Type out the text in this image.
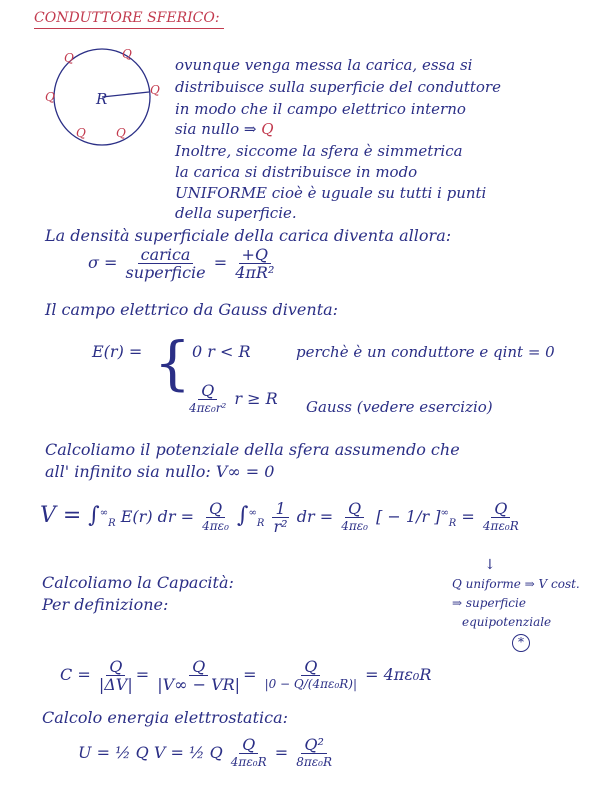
CONDUTTORE SFERICO:
R
Q	Q
Q	Q
Q	Q
ovunque venga messa la carica, essa si
distribuisce sulla superficie del conduttore
in modo che il campo elettrico interno
sia nullo ⇒ Q
Inoltre, siccome la sfera è simmetrica
la carica si distribuisce in modo
UNIFORME cioè è uguale su tutti i punti
della superficie.
La densità superficiale della carica diventa allora:
$\sigma = \frac{\text{carica}}{\text{superficie}} = \frac{+Q}{\text{4πR²}}$
Il campo elettrico da Gauss diventa:
E(r) = { 0 r < R	perchè è un conduttore e qint = 0
$\frac{Q}{\text{4πε₀r²}}$ r ≥ R Gauss (vedere esercizio)
Calcoliamo il potenziale della sfera assumendo che
all' infinito sia nullo: V∞ = 0
$V = \int^\infty_R$ E(r) dr = $\frac{Q}{\text{4πε₀}} \int^\infty_R \frac{1}{\text{r²}}$ dr = $\frac{Q}{\text{4πε₀}}$ [ − 1/r ]$^\infty_R = \frac{Q}{\text{4πε₀R}}$
↓
Q uniforme ⇒ V cost.
⇒ superficie
equipotenziale
*
Calcoliamo la Capacità:
Per definizione:
$C = \frac{Q}{|\Delta V|} = \frac{Q}{|V\infty - VR|} = \frac{Q}{\text{|0 − Q/(4πε₀R)|}} = 4\pi\varepsilon_0R$
Calcolo energia elettrostatica:
U = ½ Q V = ½ Q $\frac{Q}{\text{4πε₀R}} = \frac{\text{Q²}}{\text{8πε₀R}}$
